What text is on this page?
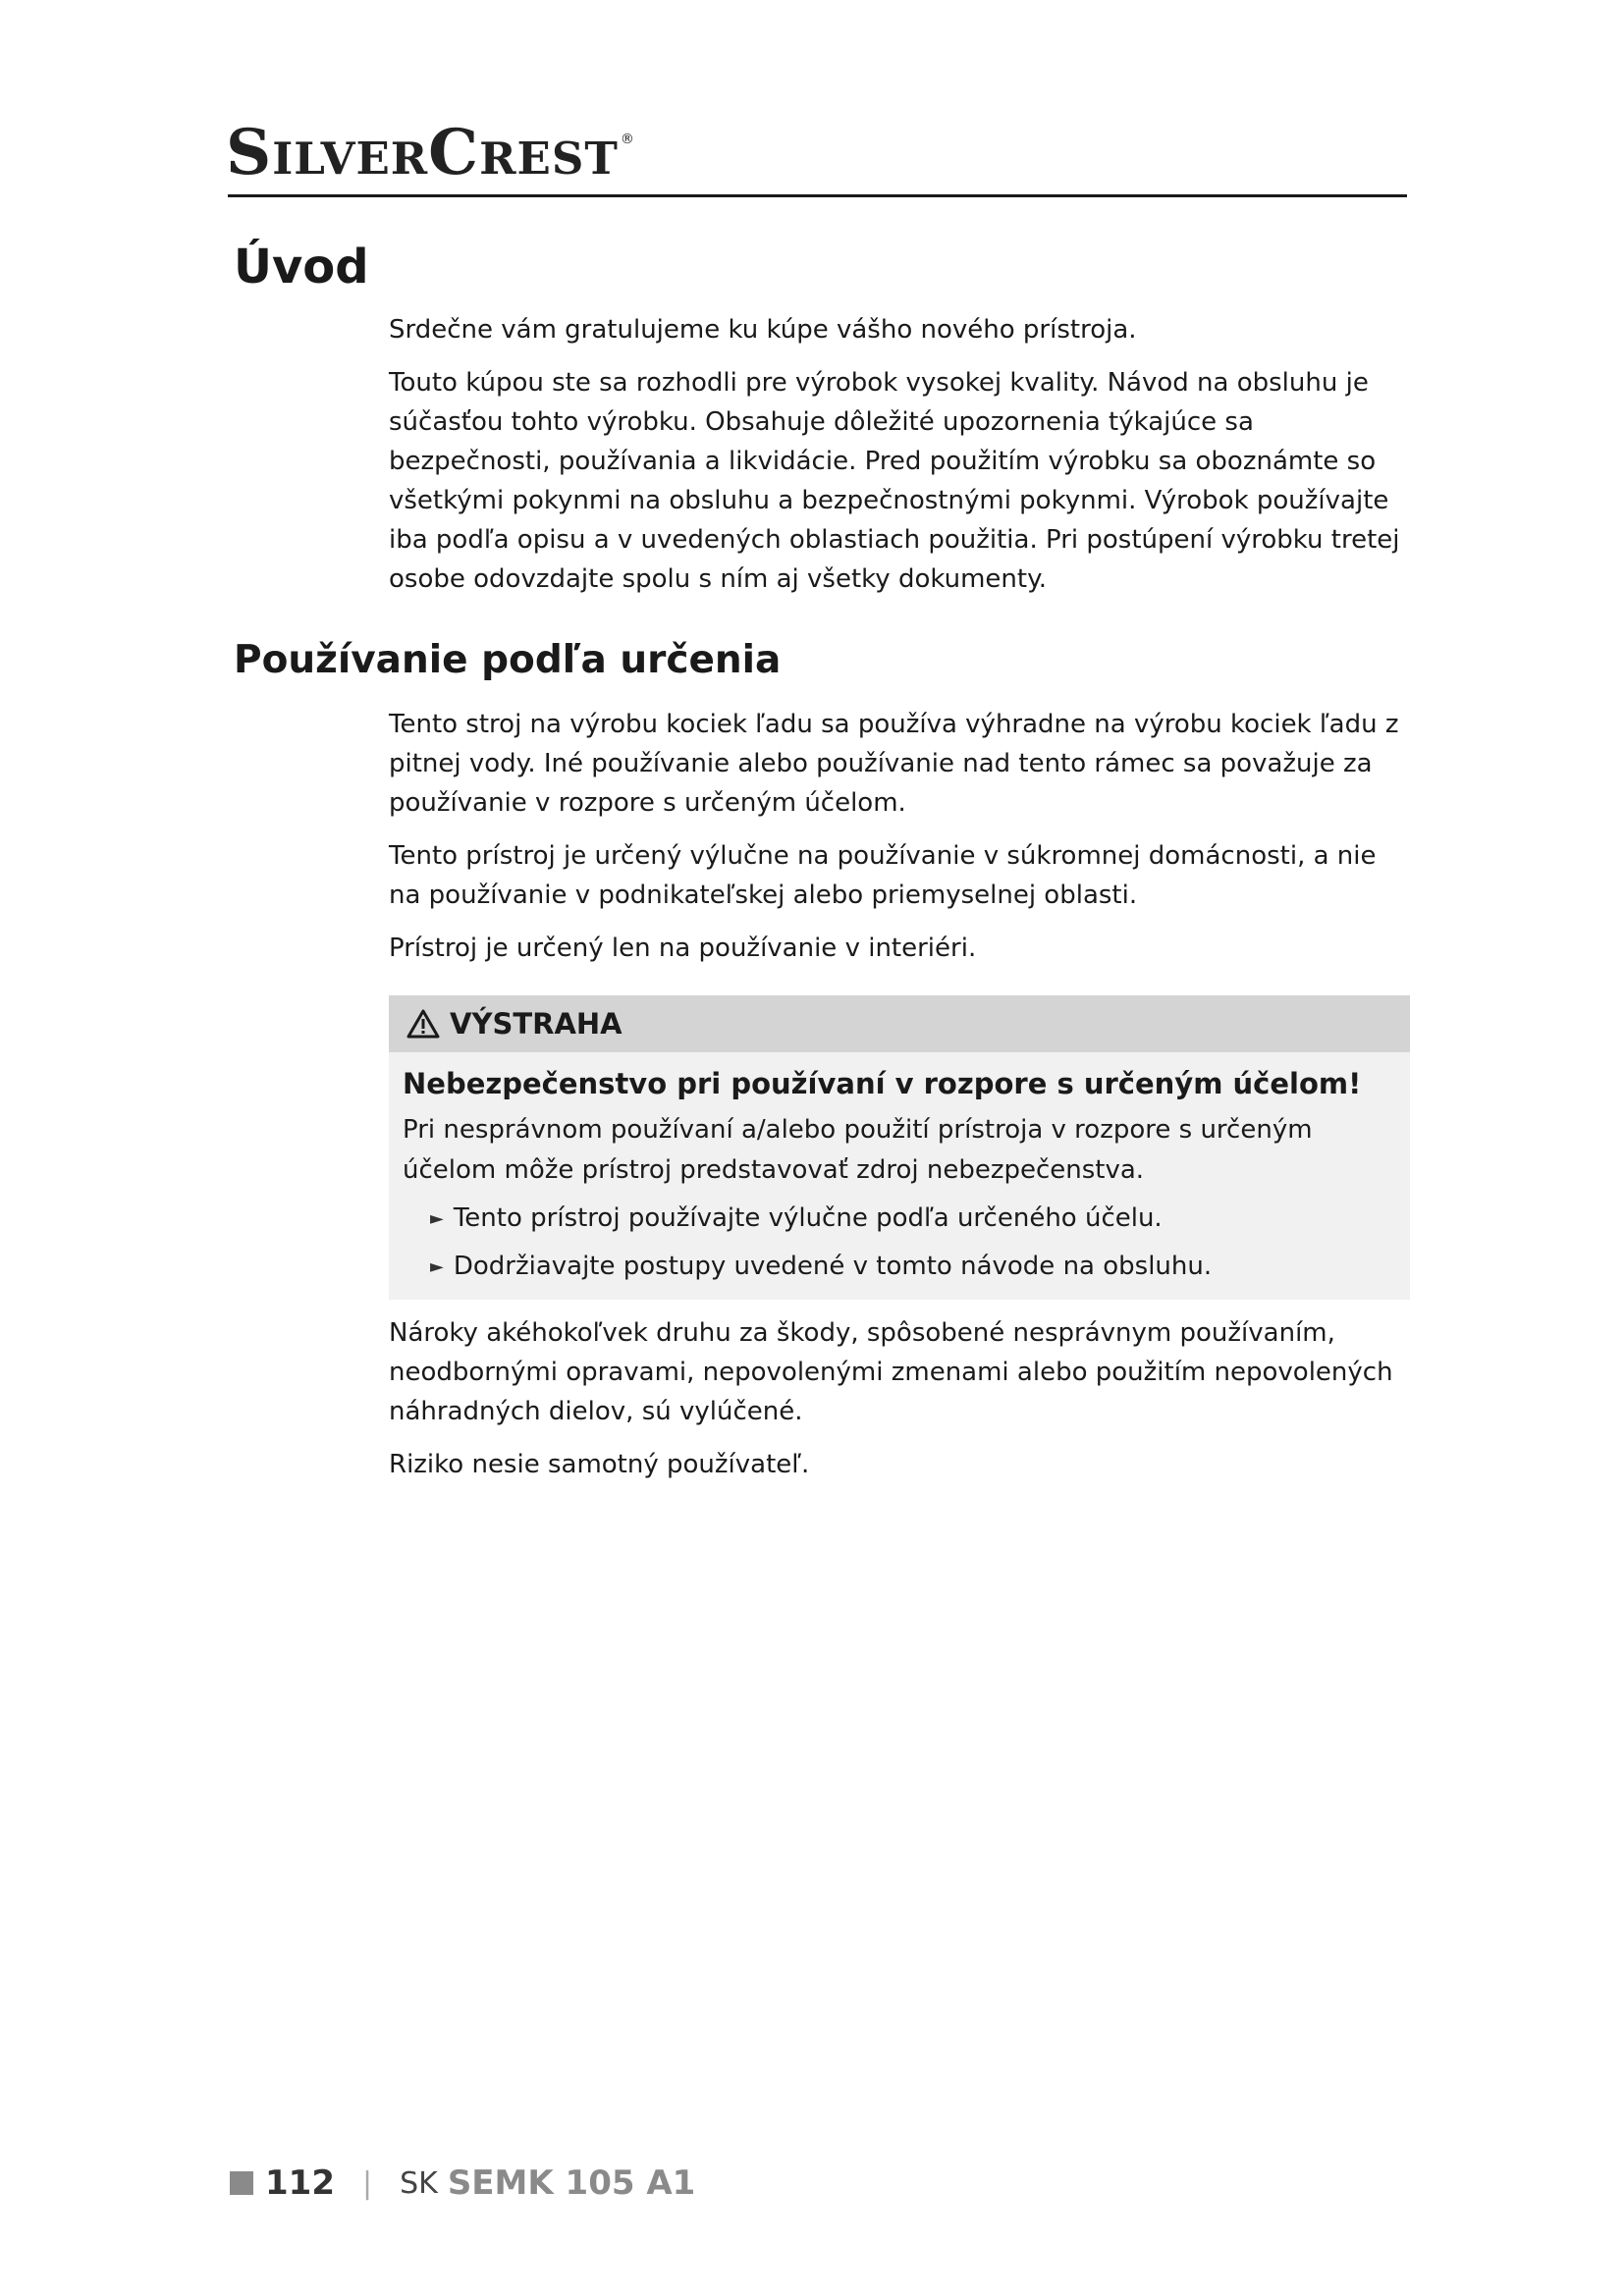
SilverCrest ®
Úvod

Srdečne vám gratulujeme ku kúpe vášho nového prístroja.

Touto kúpou ste sa rozhodli pre výrobok vysokej kvality. Návod na obsluhu je súčasťou tohto výrobku. Obsahuje dôležité upozornenia týkajúce sa bezpečnosti, používania a likvidácie. Pred použitím výrobku sa oboznámte so všetkými pokynmi na obsluhu a bezpečnostnými pokynmi. Výrobok používajte iba podľa opisu a v uvedených oblastiach použitia. Pri postúpení výrobku tretej osobe odovzdajte spolu s ním aj všetky dokumenty.

Používanie podľa určenia

Tento stroj na výrobu kociek ľadu sa používa výhradne na výrobu kociek ľadu z pitnej vody. Iné používanie alebo používanie nad tento rámec sa považuje za používanie v rozpore s určeným účelom.

Tento prístroj je určený výlučne na používanie v súkromnej domácnosti, a nie na používanie v podnikateľskej alebo priemyselnej oblasti.

Prístroj je určený len na používanie v interiéri.

VÝSTRAHA
Nebezpečenstvo pri používaní v rozpore s určeným účelom!
Pri nesprávnom používaní a/alebo použití prístroja v rozpore s určeným účelom môže prístroj predstavovať zdroj nebezpečenstva.
► Tento prístroj používajte výlučne podľa určeného účelu.
► Dodržiavajte postupy uvedené v tomto návode na obsluhu.

Nároky akéhokoľvek druhu za škody, spôsobené nesprávnym používaním, neodbornými opravami, nepovolenými zmenami alebo použitím nepovolených náhradných dielov, sú vylúčené.

Riziko nesie samotný používateľ.

112 | SK SEMK 105 A1
